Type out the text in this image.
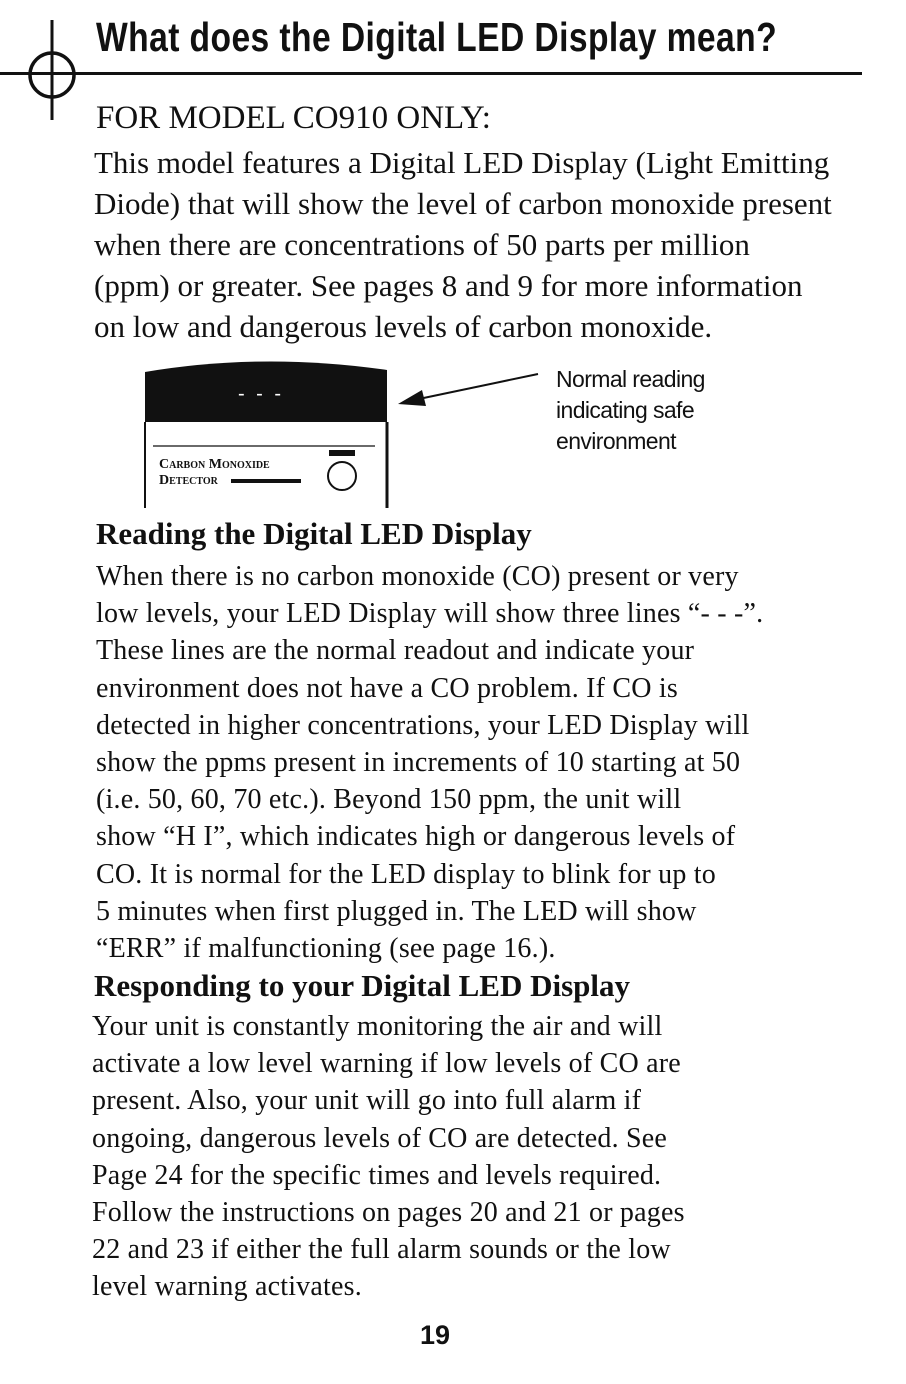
What does the Digital LED Display mean?
FOR MODEL CO910 ONLY:
This model features a Digital LED Display (Light Emitting
Diode) that will show the level of carbon monoxide present
when there are concentrations of 50 parts per million
(ppm) or greater. See pages 8 and 9 for more information
on low and dangerous levels of carbon monoxide.
- - -
Carbon Monoxide
Detector
Normal reading
indicating safe
environment
Reading the Digital LED Display
When there is no carbon monoxide (CO) present or very
low levels, your LED Display will show three lines “- - -”.
These lines are the normal readout and indicate your
environment does not have a CO problem. If CO is
detected in higher concentrations, your LED Display will
show the ppms present in increments of 10 starting at 50
(i.e. 50, 60, 70 etc.). Beyond 150 ppm, the unit will
show “H I”, which indicates high or dangerous levels of
CO. It is normal for the LED display to blink for up to
5 minutes when first plugged in. The LED will show
“ERR” if malfunctioning (see page 16.).
Responding to your Digital LED Display
Your unit is constantly monitoring the air and will
activate a low level warning if low levels of CO are
present. Also, your unit will go into full alarm if
ongoing, dangerous levels of CO are detected. See
Page 24 for the specific times and levels required.
Follow the instructions on pages 20 and 21 or pages
22 and 23 if either the full alarm sounds or the low
level warning activates.
19
